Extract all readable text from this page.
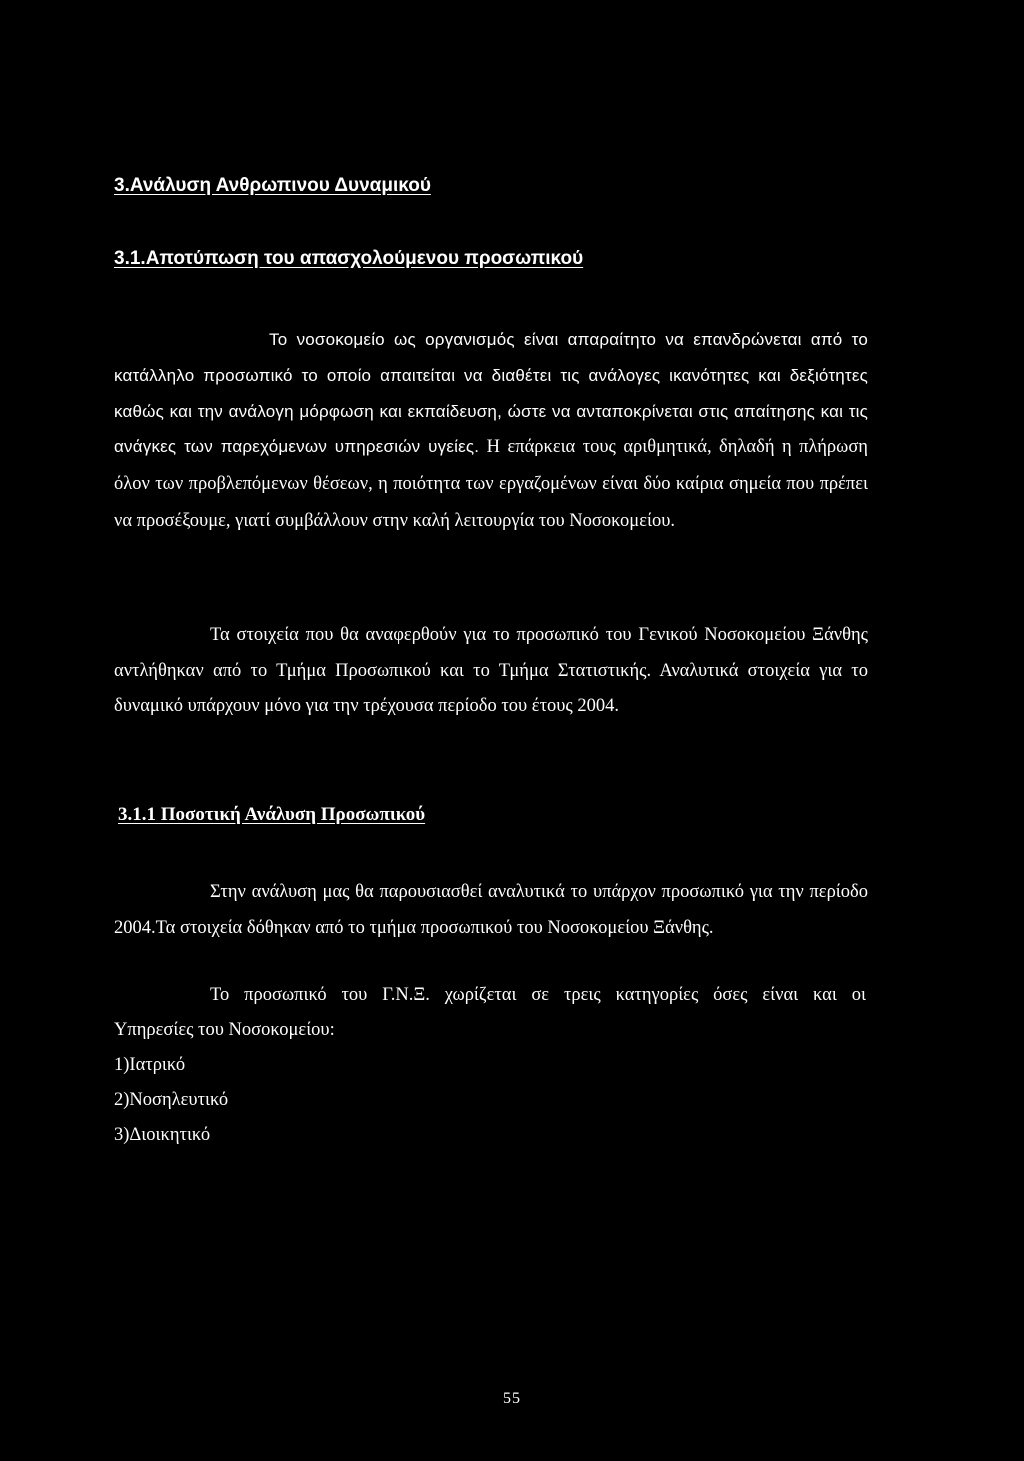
3.Ανάλυση Ανθρωπινου Δυναμικού
3.1.Αποτύπωση του απασχολούμενου προσωπικού

Το νοσοκομείο ως οργανισμός είναι απαραίτητο να επανδρώνεται από το κατάλληλο προσωπικό το οποίο απαιτείται να διαθέτει τις ανάλογες ικανότητες και δεξιότητες καθώς και την ανάλογη μόρφωση και εκπαίδευση, ώστε να ανταποκρίνεται στις απαίτησης και τις ανάγκες των παρεχόμενων υπηρεσιών υγείες. Η επάρκεια τους αριθμητικά, δηλαδή η πλήρωση όλον των προβλεπόμενων θέσεων, η ποιότητα των εργαζομένων είναι δύο καίρια σημεία που πρέπει να προσέξουμε, γιατί συμβάλλουν στην καλή λειτουργία του Νοσοκομείου.

Τα στοιχεία που θα αναφερθούν για το προσωπικό του Γενικού Νοσοκομείου Ξάνθης αντλήθηκαν από το Τμήμα Προσωπικού και το Τμήμα Στατιστικής. Αναλυτικά στοιχεία για το δυναμικό υπάρχουν μόνο για την τρέχουσα περίοδο του έτους 2004.

3.1.1 Ποσοτική Ανάλυση Προσωπικού

Στην ανάλυση μας θα παρουσιασθεί αναλυτικά το υπάρχον προσωπικό για την περίοδο 2004.Τα στοιχεία δόθηκαν από το τμήμα προσωπικού του Νοσοκομείου Ξάνθης.

Το προσωπικό του Γ.Ν.Ξ. χωρίζεται σε τρεις κατηγορίες όσες είναι και οι
Υπηρεσίες του Νοσοκομείου:
1)Ιατρικό
2)Νοσηλευτικό
3)Διοικητικό
55
